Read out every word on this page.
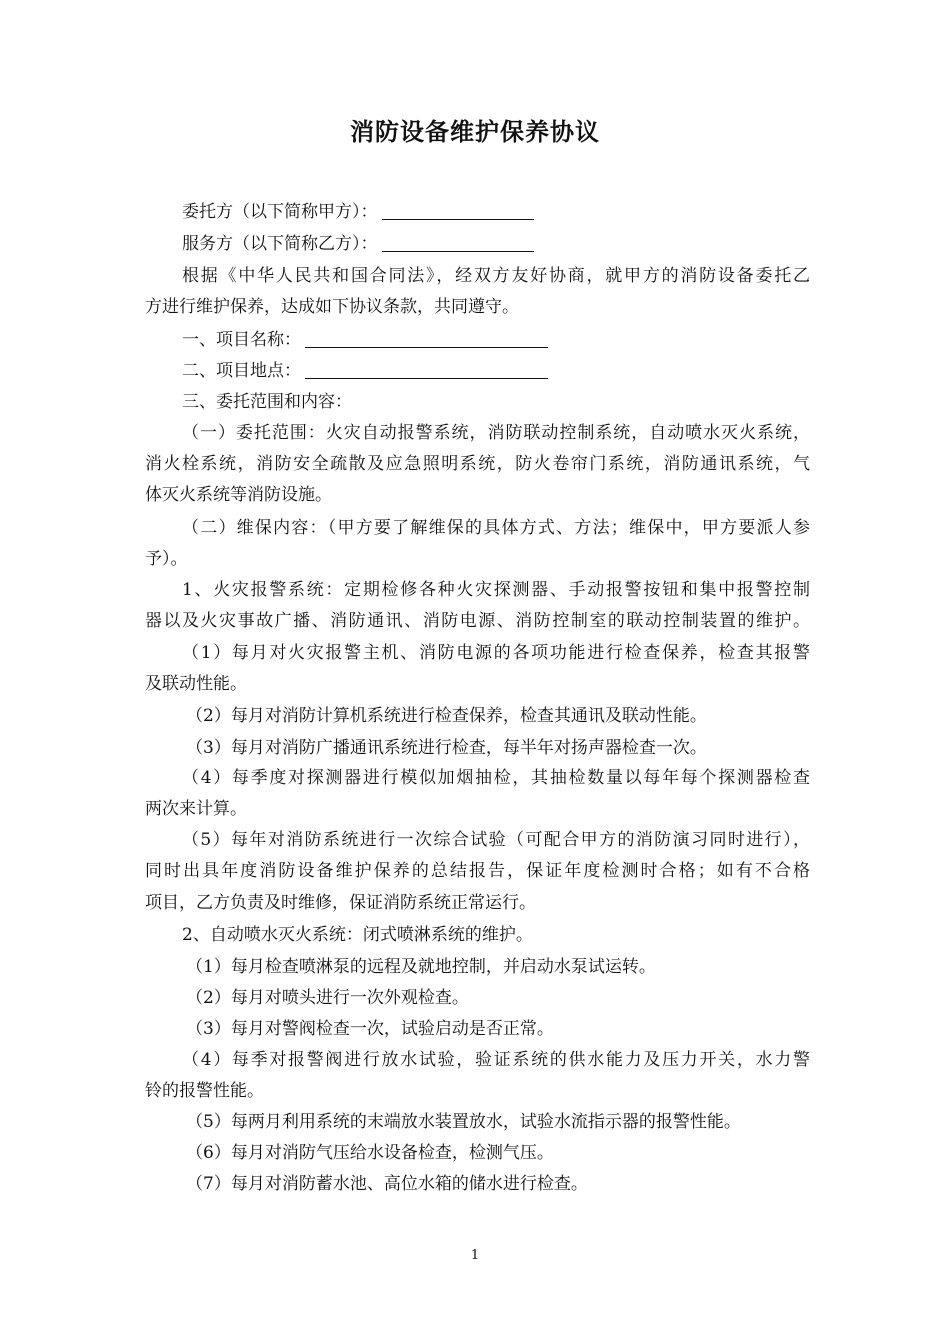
消防设备维护保养协议
委托方（以下简称甲方）：
服务方（以下简称乙方）：
根据《中华人民共和国合同法》，经双方友好协商，就甲方的消防设备委托乙
方进行维护保养，达成如下协议条款，共同遵守。
一、项目名称：
二、项目地点：
三、委托范围和内容：
（一）委托范围：火灾自动报警系统，消防联动控制系统，自动喷水灭火系统，
消火栓系统，消防安全疏散及应急照明系统，防火卷帘门系统，消防通讯系统，气
体灭火系统等消防设施。
（二）维保内容：（甲方要了解维保的具体方式、方法；维保中，甲方要派人参
予）。
1、火灾报警系统：定期检修各种火灾探测器、手动报警按钮和集中报警控制
器以及火灾事故广播、消防通讯、消防电源、消防控制室的联动控制装置的维护。
（1）每月对火灾报警主机、消防电源的各项功能进行检查保养，检查其报警
及联动性能。
（2）每月对消防计算机系统进行检查保养，检查其通讯及联动性能。
（3）每月对消防广播通讯系统进行检查，每半年对扬声器检查一次。
（4）每季度对探测器进行模似加烟抽检，其抽检数量以每年每个探测器检查
两次来计算。
（5）每年对消防系统进行一次综合试验（可配合甲方的消防演习同时进行），
同时出具年度消防设备维护保养的总结报告，保证年度检测时合格；如有不合格
项目，乙方负责及时维修，保证消防系统正常运行。
2、自动喷水灭火系统：闭式喷淋系统的维护。
（1）每月检查喷淋泵的远程及就地控制，并启动水泵试运转。
（2）每月对喷头进行一次外观检查。
（3）每月对警阀检查一次，试验启动是否正常。
（4）每季对报警阀进行放水试验，验证系统的供水能力及压力开关，水力警
铃的报警性能。
（5）每两月利用系统的末端放水装置放水，试验水流指示器的报警性能。
（6）每月对消防气压给水设备检查，检测气压。
（7）每月对消防蓄水池、高位水箱的储水进行检查。
1
